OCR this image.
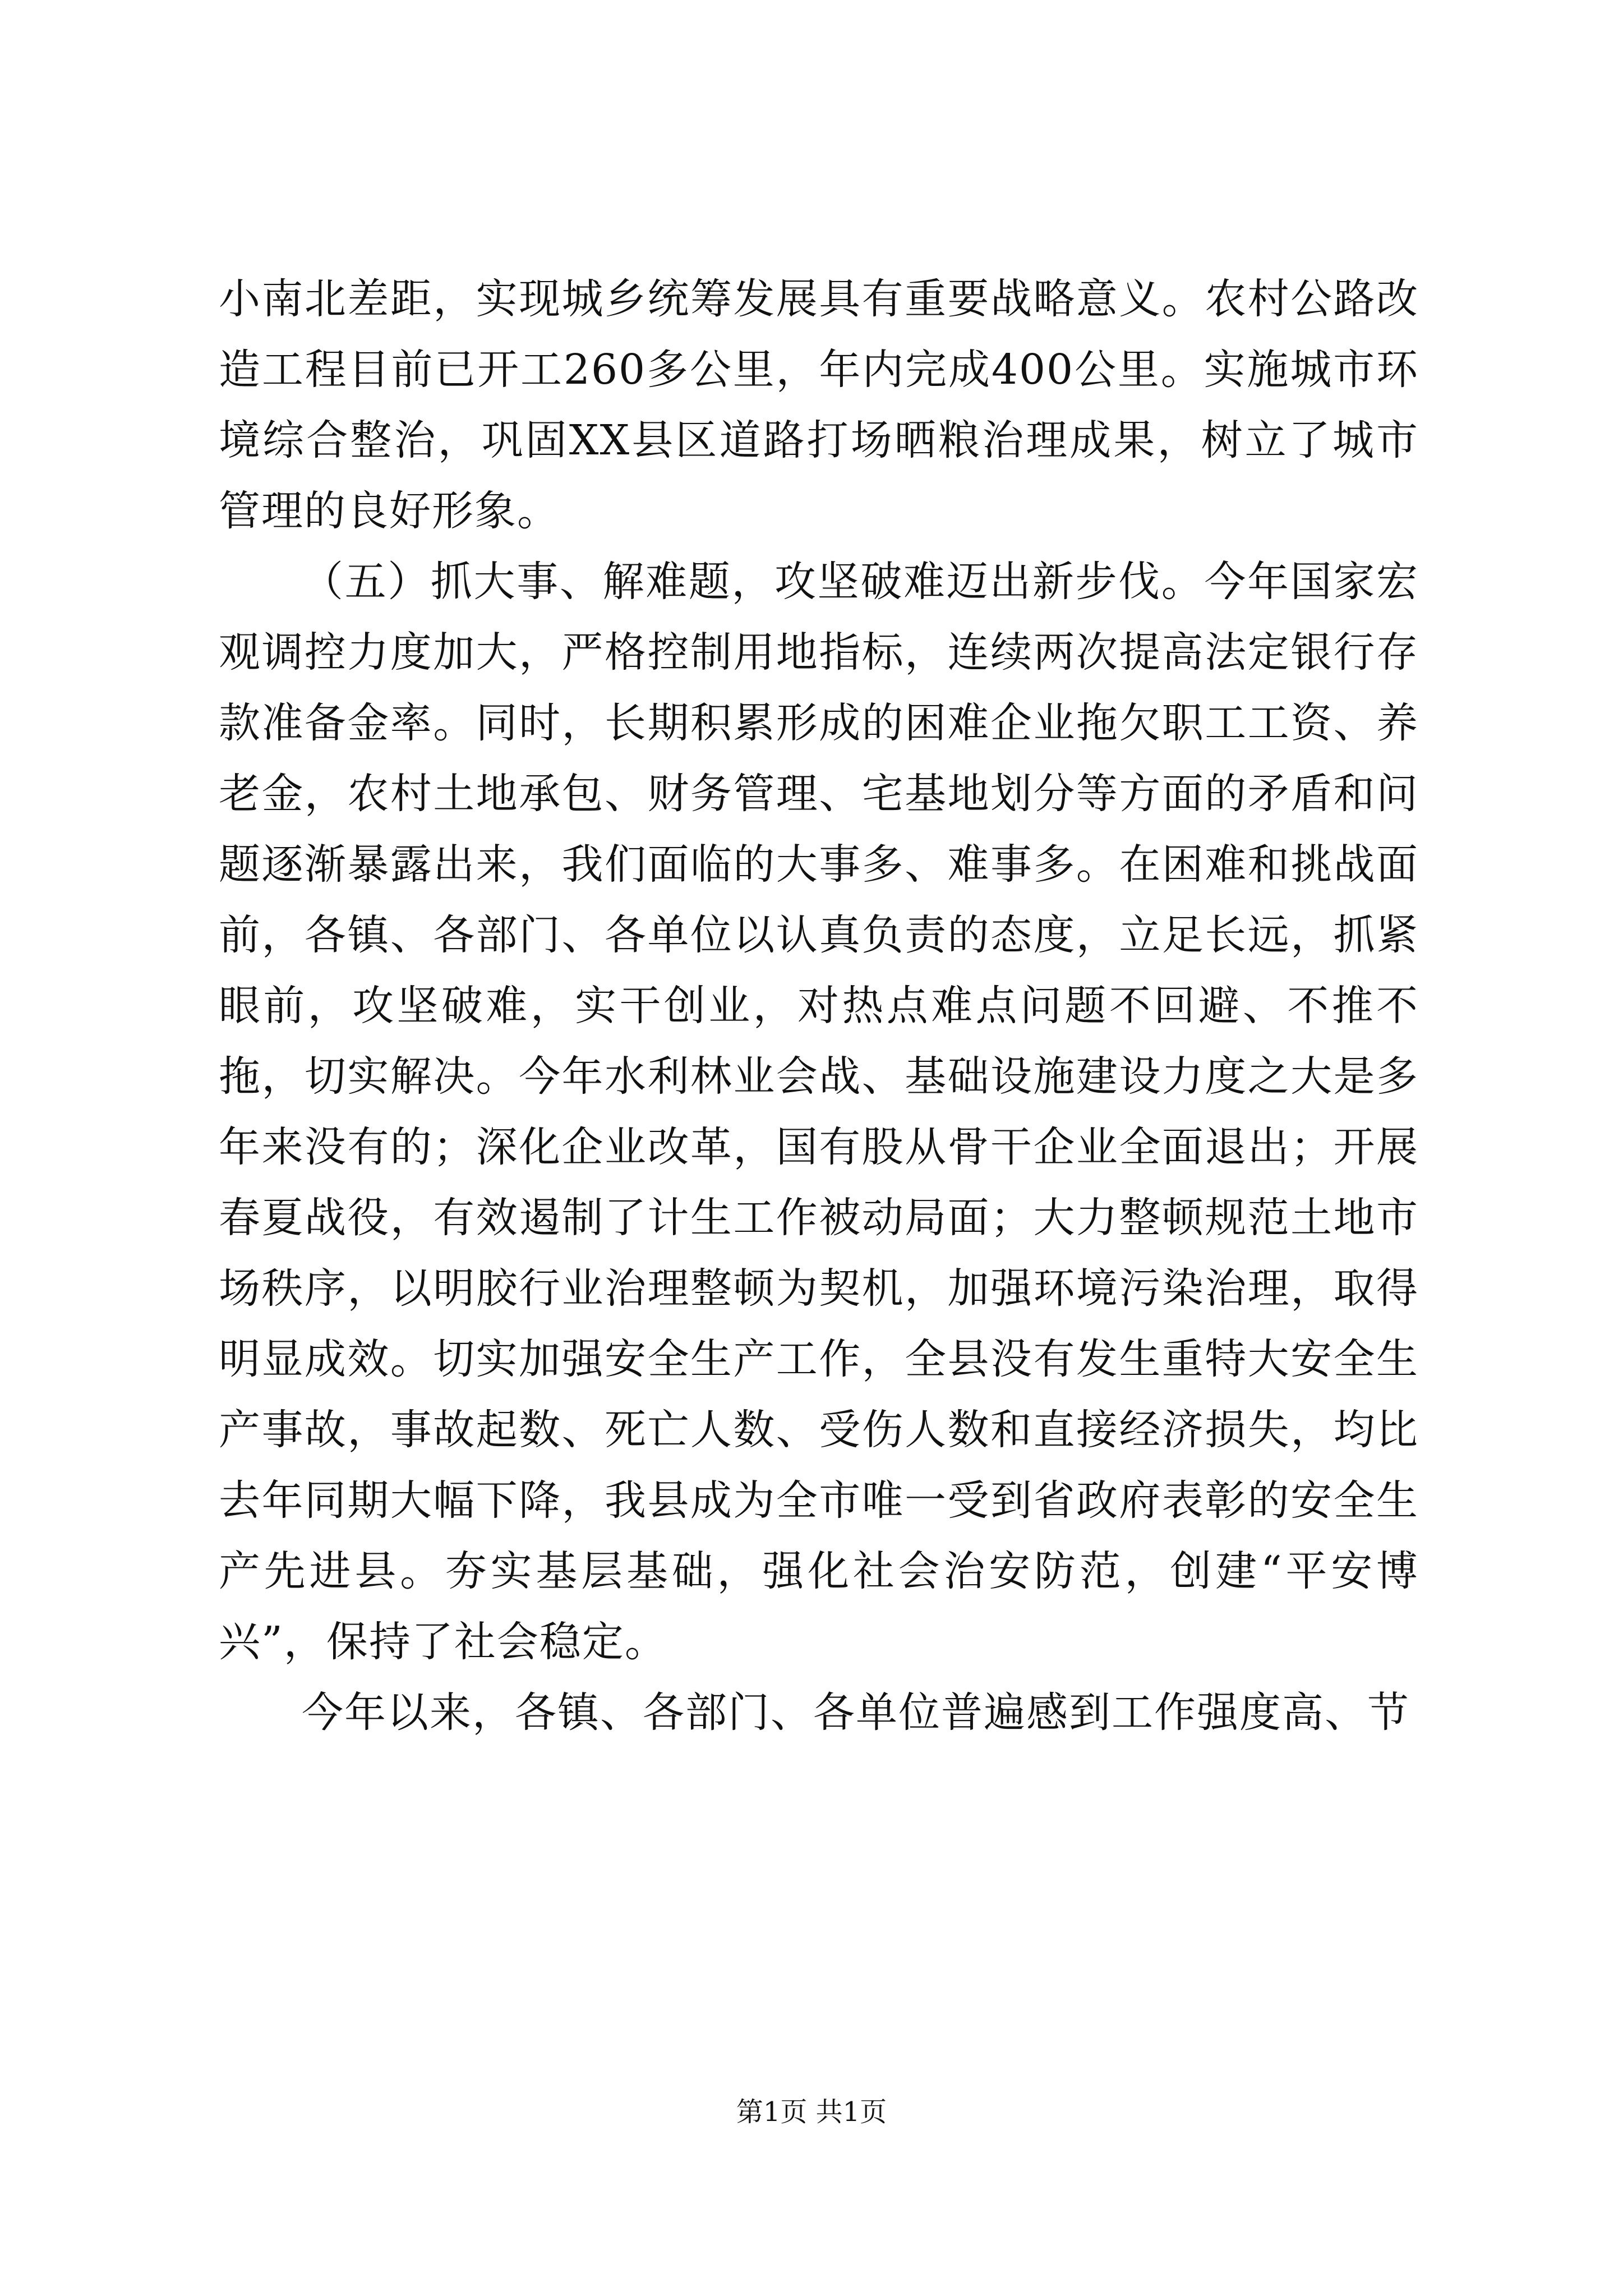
小南北差距，实现城乡统筹发展具有重要战略意义。农村公路改造工程目前已开工260多公里，年内完成400公里。实施城市环境综合整治，巩固XX县区道路打场晒粮治理成果，树立了城市管理的良好形象。

（五）抓大事、解难题，攻坚破难迈出新步伐。今年国家宏观调控力度加大，严格控制用地指标，连续两次提高法定银行存款准备金率。同时，长期积累形成的困难企业拖欠职工工资、养老金，农村土地承包、财务管理、宅基地划分等方面的矛盾和问题逐渐暴露出来，我们面临的大事多、难事多。在困难和挑战面前，各镇、各部门、各单位以认真负责的态度，立足长远，抓紧眼前，攻坚破难，实干创业，对热点难点问题不回避、不推不拖，切实解决。今年水利林业会战、基础设施建设力度之大是多年来没有的；深化企业改革，国有股从骨干企业全面退出；开展春夏战役，有效遏制了计生工作被动局面；大力整顿规范土地市场秩序，以明胶行业治理整顿为契机，加强环境污染治理，取得明显成效。切实加强安全生产工作，全县没有发生重特大安全生产事故，事故起数、死亡人数、受伤人数和直接经济损失，均比去年同期大幅下降，我县成为全市唯一受到省政府表彰的安全生产先进县。夯实基层基础，强化社会治安防范，创建“平安博兴”，保持了社会稳定。

今年以来，各镇、各部门、各单位普遍感到工作强度高、节

第1页 共1页
